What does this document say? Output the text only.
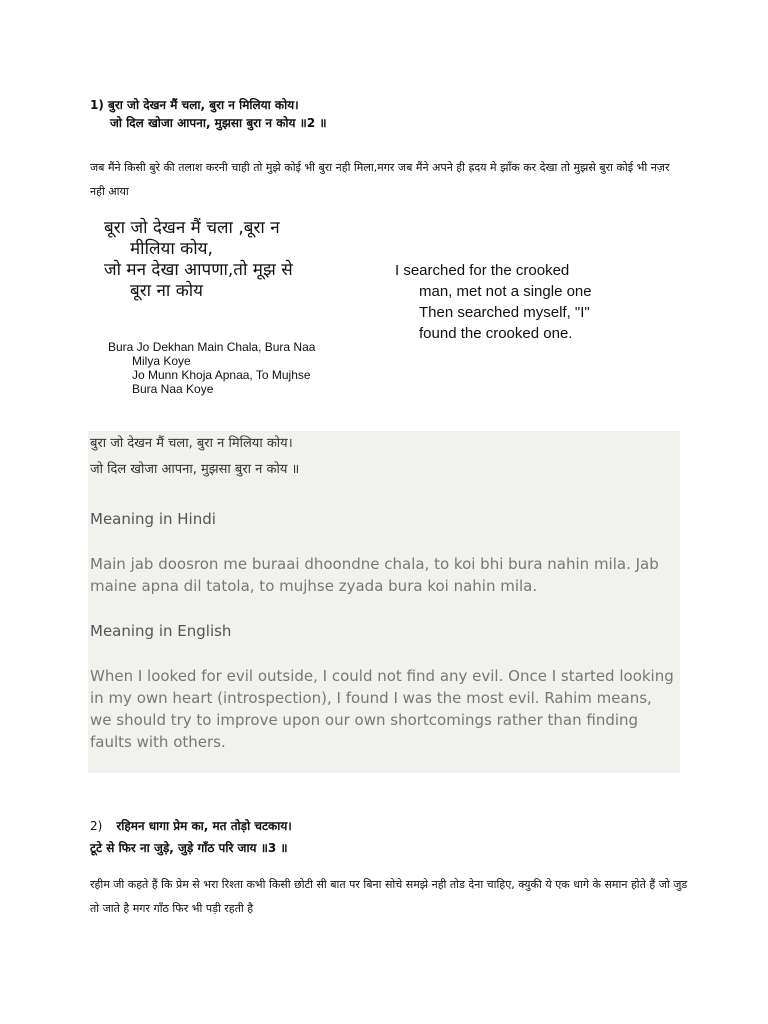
1) बुरा जो देखन मैं चला, बुरा न मिलिया कोय।
जो दिल खोजा आपना, मुझसा बुरा न कोय ॥2 ॥
जब मैंने किसी बुरे की तलाश करनी चाही तो मुझे कोई भी बुरा नही मिला,मगर जब मैंने अपने ही ह्रदय मे झाँक कर देखा तो मुझसे बुरा कोई भी नज़र नही आया
बूरा जो देखन मैं चला ,बूरा न
मीलिया कोय,
जो मन देखा आपणा,तो मूझ से
बूरा ना कोय
Bura Jo Dekhan Main Chala, Bura Naa
Milya Koye
Jo Munn Khoja Apnaa, To Mujhse
Bura Naa Koye
I searched for the crooked
man, met not a single one
Then searched myself, "I"
found the crooked one.
बुरा जो देखन मैं चला, बुरा न मिलिया कोय।
जो दिल खोजा आपना, मुझसा बुरा न कोय ॥
Meaning in Hindi
Main jab doosron me buraai dhoondne chala, to koi bhi bura nahin mila. Jab maine apna dil tatola, to mujhse zyada bura koi nahin mila.
Meaning in English
When I looked for evil outside, I could not find any evil. Once I started looking in my own heart (introspection), I found I was the most evil. Rahim means, we should try to improve upon our own shortcomings rather than finding faults with others.
2) रहिमन धागा प्रेम का, मत तोड़ो चटकाय।
टूटे से फिर ना जुड़े, जुड़े गाँठ परि जाय ॥3 ॥
रहीम जी कहते हैं कि प्रेम से भरा रिश्ता कभी किसी छोटी सी बात पर बिना सोचे समझे नही तोड देना चाहिए, क्युकी ये एक धागे के समान होते हैं जो जुड तो जाते है मगर गाँठ फिर भी पड़ी रहती है
